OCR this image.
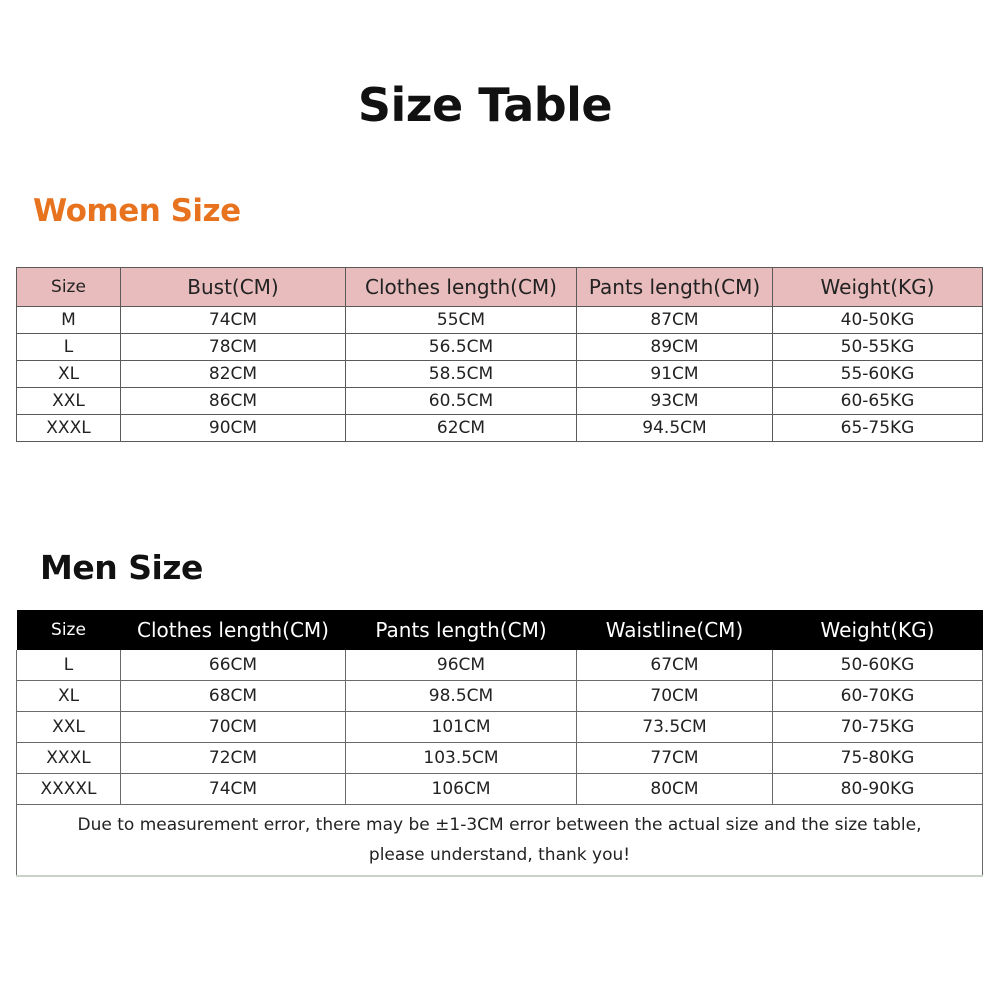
Size Table
Women Size
Size	Bust(CM)	Clothes length(CM)	Pants length(CM)	Weight(KG)
M	74CM	55CM	87CM	40-50KG
L	78CM	56.5CM	89CM	50-55KG
XL	82CM	58.5CM	91CM	55-60KG
XXL	86CM	60.5CM	93CM	60-65KG
XXXL	90CM	62CM	94.5CM	65-75KG
Men Size
Size	Clothes length(CM)	Pants length(CM)	Waistline(CM)	Weight(KG)
L	66CM	96CM	67CM	50-60KG
XL	68CM	98.5CM	70CM	60-70KG
XXL	70CM	101CM	73.5CM	70-75KG
XXXL	72CM	103.5CM	77CM	75-80KG
XXXXL	74CM	106CM	80CM	80-90KG

Due to measurement error, there may be ±1-3CM error between the actual size and the size table,
please understand, thank you!				
